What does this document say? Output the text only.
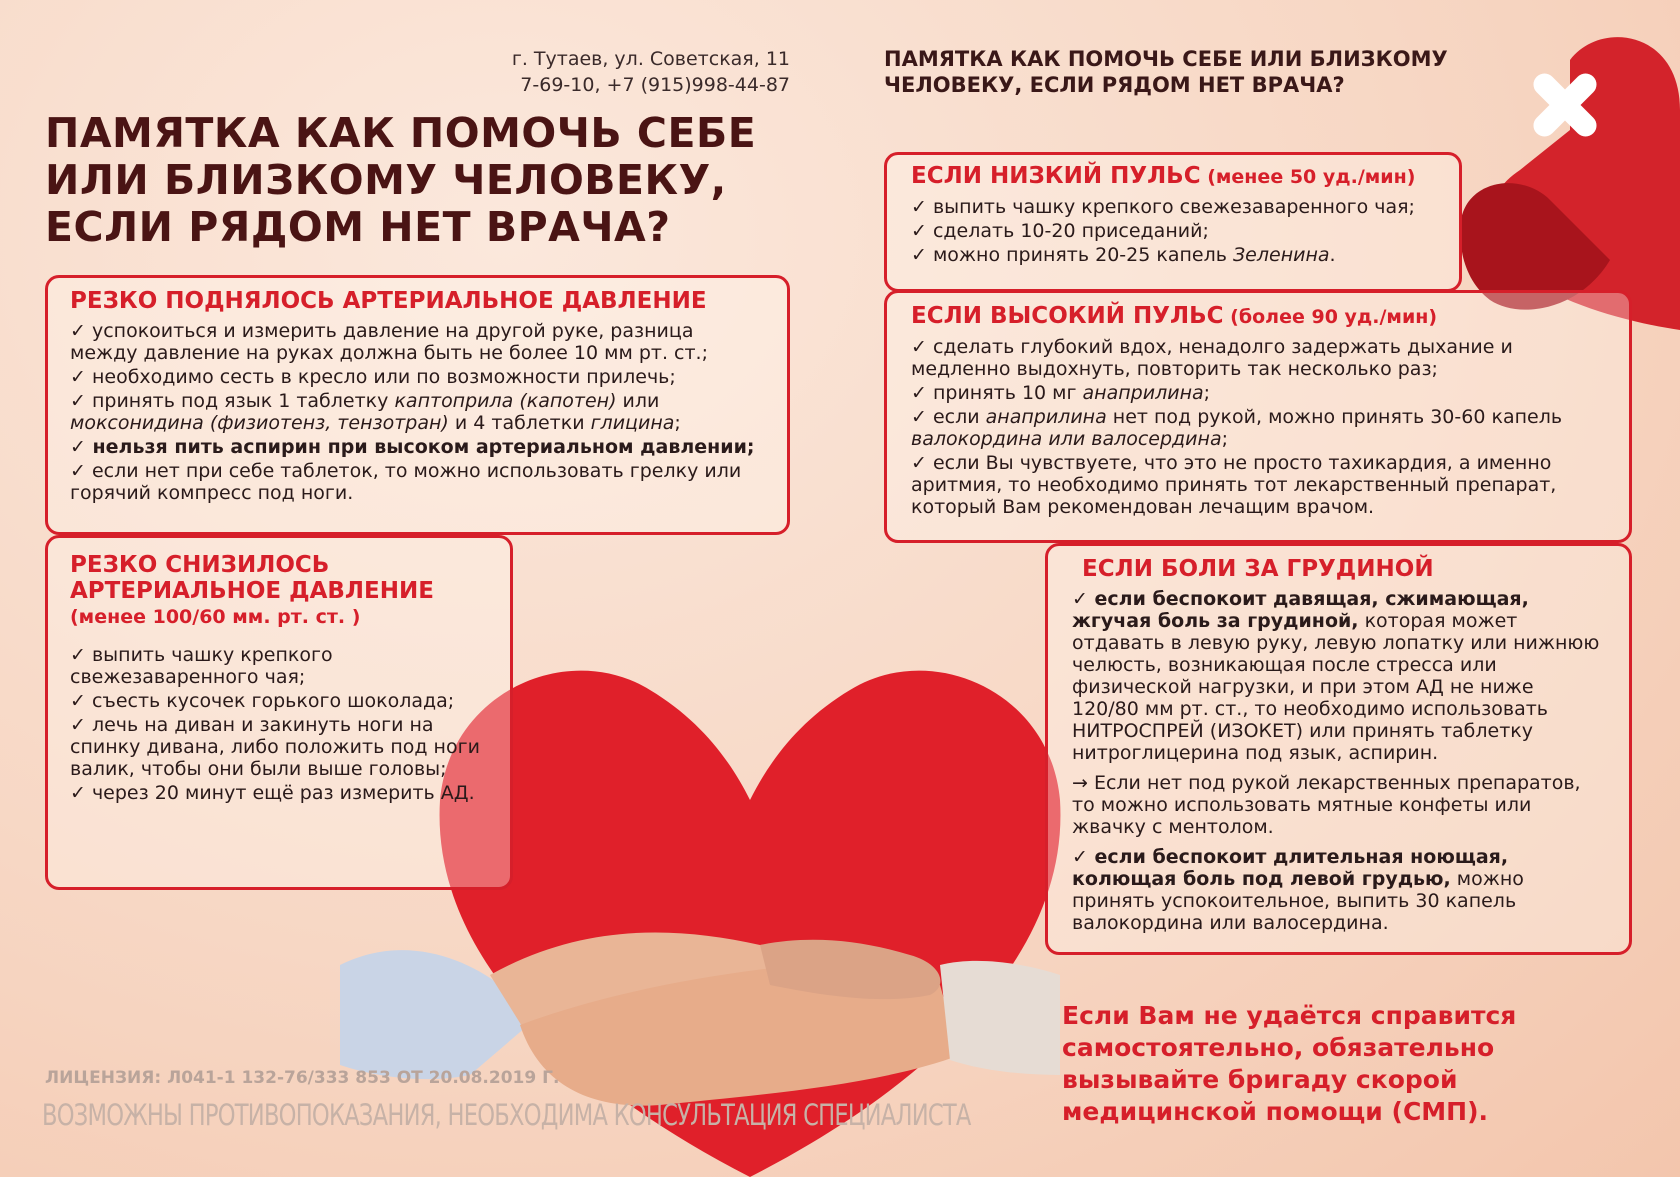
г. Тутаев, ул. Советская, 11
7-69-10, +7 (915)998-44-87
ПАМЯТКА КАК ПОМОЧЬ СЕБЕ ИЛИ БЛИЗКОМУ ЧЕЛОВЕКУ, ЕСЛИ РЯДОМ НЕТ ВРАЧА?
ПАМЯТКА КАК ПОМОЧЬ СЕБЕ ИЛИ БЛИЗКОМУ ЧЕЛОВЕКУ, ЕСЛИ РЯДОМ НЕТ ВРАЧА?
РЕЗКО ПОДНЯЛОСЬ АРТЕРИАЛЬНОЕ ДАВЛЕНИЕ

✓ успокоиться и измерить давление на другой руке, разница между давление на руках должна быть не более 10 мм рт. ст.;

✓ необходимо сесть в кресло или по возможности прилечь;

✓ принять под язык 1 таблетку каптоприла (капотен) или моксонидина (физиотенз, тензотран) и 4 таблетки глицина;

✓ нельзя пить аспирин при высоком артериальном давлении;

✓ если нет при себе таблеток, то можно использовать грелку или горячий компресс под ноги.

РЕЗКО СНИЗИЛОСЬ
АРТЕРИАЛЬНОЕ ДАВЛЕНИЕ
(менее 100/60 мм. рт. ст. )

✓ выпить чашку крепкого свежезаваренного чая;

✓ съесть кусочек горького шоколада;

✓ лечь на диван и закинуть ноги на спинку дивана, либо положить под ноги валик, чтобы они были выше головы;

✓ через 20 минут ещё раз измерить АД.

ЕСЛИ НИЗКИЙ ПУЛЬС (менее 50 уд./мин)

✓ выпить чашку крепкого свежезаваренного чая;

✓ сделать 10-20 приседаний;

✓ можно принять 20-25 капель Зеленина.

ЕСЛИ ВЫСОКИЙ ПУЛЬС (более 90 уд./мин)

✓ сделать глубокий вдох, ненадолго задержать дыхание и медленно выдохнуть, повторить так несколько раз;

✓ принять 10 мг анаприлина;

✓ если анаприлина нет под рукой, можно принять 30-60 капель валокордина или валосердина;

✓ если Вы чувствуете, что это не просто тахикардия, а именно аритмия, то необходимо принять тот лекарственный препарат, который Вам рекомендован лечащим врачом.

ЕСЛИ БОЛИ ЗА ГРУДИНОЙ

✓ если беспокоит давящая, сжимающая, жгучая боль за грудиной, которая может отдавать в левую руку, левую лопатку или нижнюю челюсть, возникающая после стресса или физической нагрузки, и при этом АД не ниже 120/80 мм рт. ст., то необходимо использовать НИТРОСПРЕЙ (ИЗОКЕТ) или принять таблетку нитроглицерина под язык, аспирин.

→ Если нет под рукой лекарственных препаратов, то можно использовать мятные конфеты или жвачку с ментолом.

✓ если беспокоит длительная ноющая, колющая боль под левой грудью, можно принять успокоительное, выпить 30 капель валокордина или валосердина.

Если Вам не удаётся справится самостоятельно, обязательно вызывайте бригаду скорой медицинской помощи (СМП).
ЛИЦЕНЗИЯ: Л041-1 132-76/333 853 ОТ 20.08.2019 Г.
ВОЗМОЖНЫ ПРОТИВОПОКАЗАНИЯ, НЕОБХОДИМА КОНСУЛЬТАЦИЯ СПЕЦИАЛИСТА
